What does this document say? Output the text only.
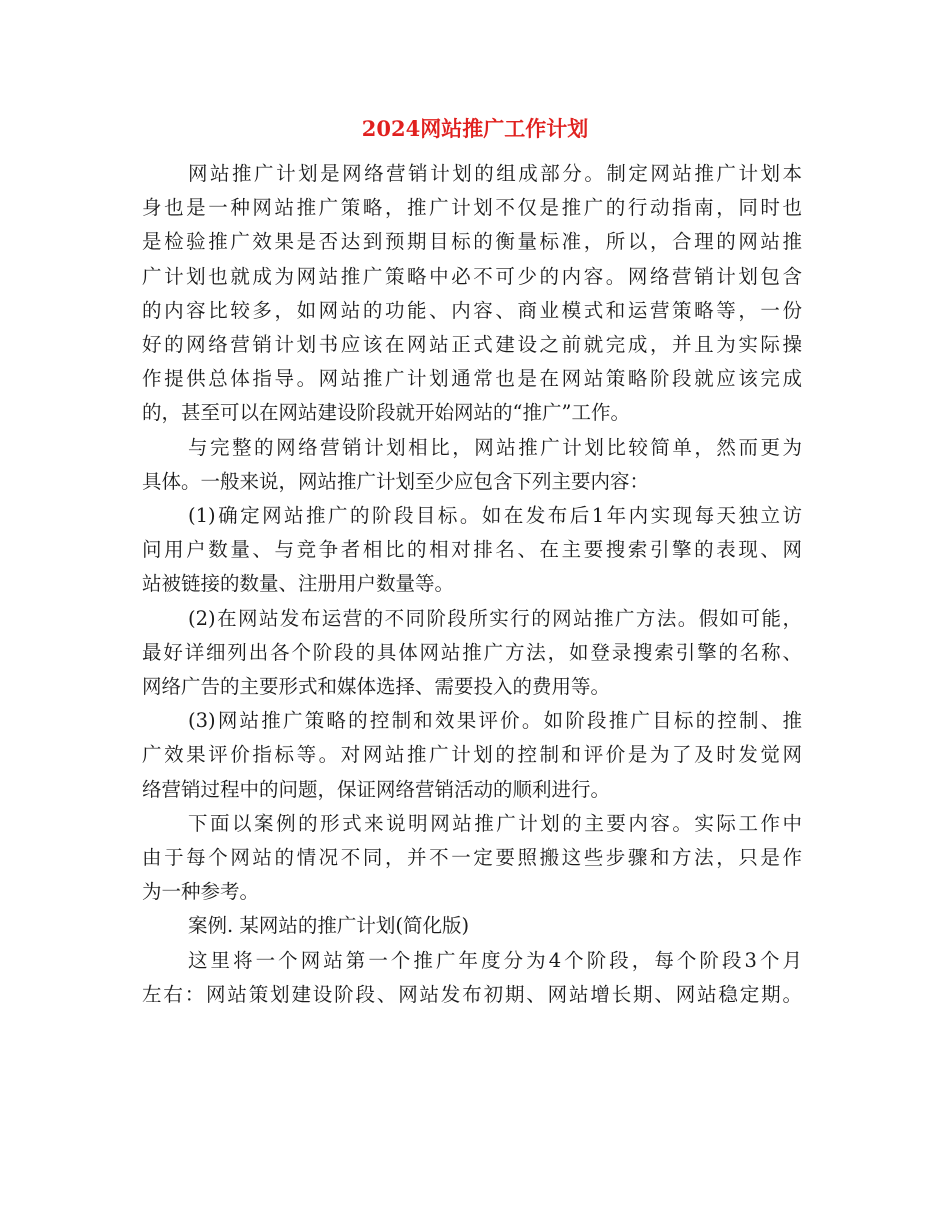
2024网站推广工作计划
网站推广计划是网络营销计划的组成部分。制定网站推广计划本
身也是一种网站推广策略，推广计划不仅是推广的行动指南，同时也
是检验推广效果是否达到预期目标的衡量标准，所以，合理的网站推
广计划也就成为网站推广策略中必不可少的内容。网络营销计划包含
的内容比较多，如网站的功能、内容、商业模式和运营策略等，一份
好的网络营销计划书应该在网站正式建设之前就完成，并且为实际操
作提供总体指导。网站推广计划通常也是在网站策略阶段就应该完成
的，甚至可以在网站建设阶段就开始网站的“推广”工作。
与完整的网络营销计划相比，网站推广计划比较简单，然而更为
具体。一般来说，网站推广计划至少应包含下列主要内容：
(1)确定网站推广的阶段目标。如在发布后1年内实现每天独立访
问用户数量、与竞争者相比的相对排名、在主要搜索引擎的表现、网
站被链接的数量、注册用户数量等。
(2)在网站发布运营的不同阶段所实行的网站推广方法。假如可能，
最好详细列出各个阶段的具体网站推广方法，如登录搜索引擎的名称、
网络广告的主要形式和媒体选择、需要投入的费用等。
(3)网站推广策略的控制和效果评价。如阶段推广目标的控制、推
广效果评价指标等。对网站推广计划的控制和评价是为了及时发觉网
络营销过程中的问题，保证网络营销活动的顺利进行。
下面以案例的形式来说明网站推广计划的主要内容。实际工作中
由于每个网站的情况不同，并不一定要照搬这些步骤和方法，只是作
为一种参考。
案例. 某网站的推广计划(简化版)
这里将一个网站第一个推广年度分为4个阶段，每个阶段3个月
左右：网站策划建设阶段、网站发布初期、网站增长期、网站稳定期。
